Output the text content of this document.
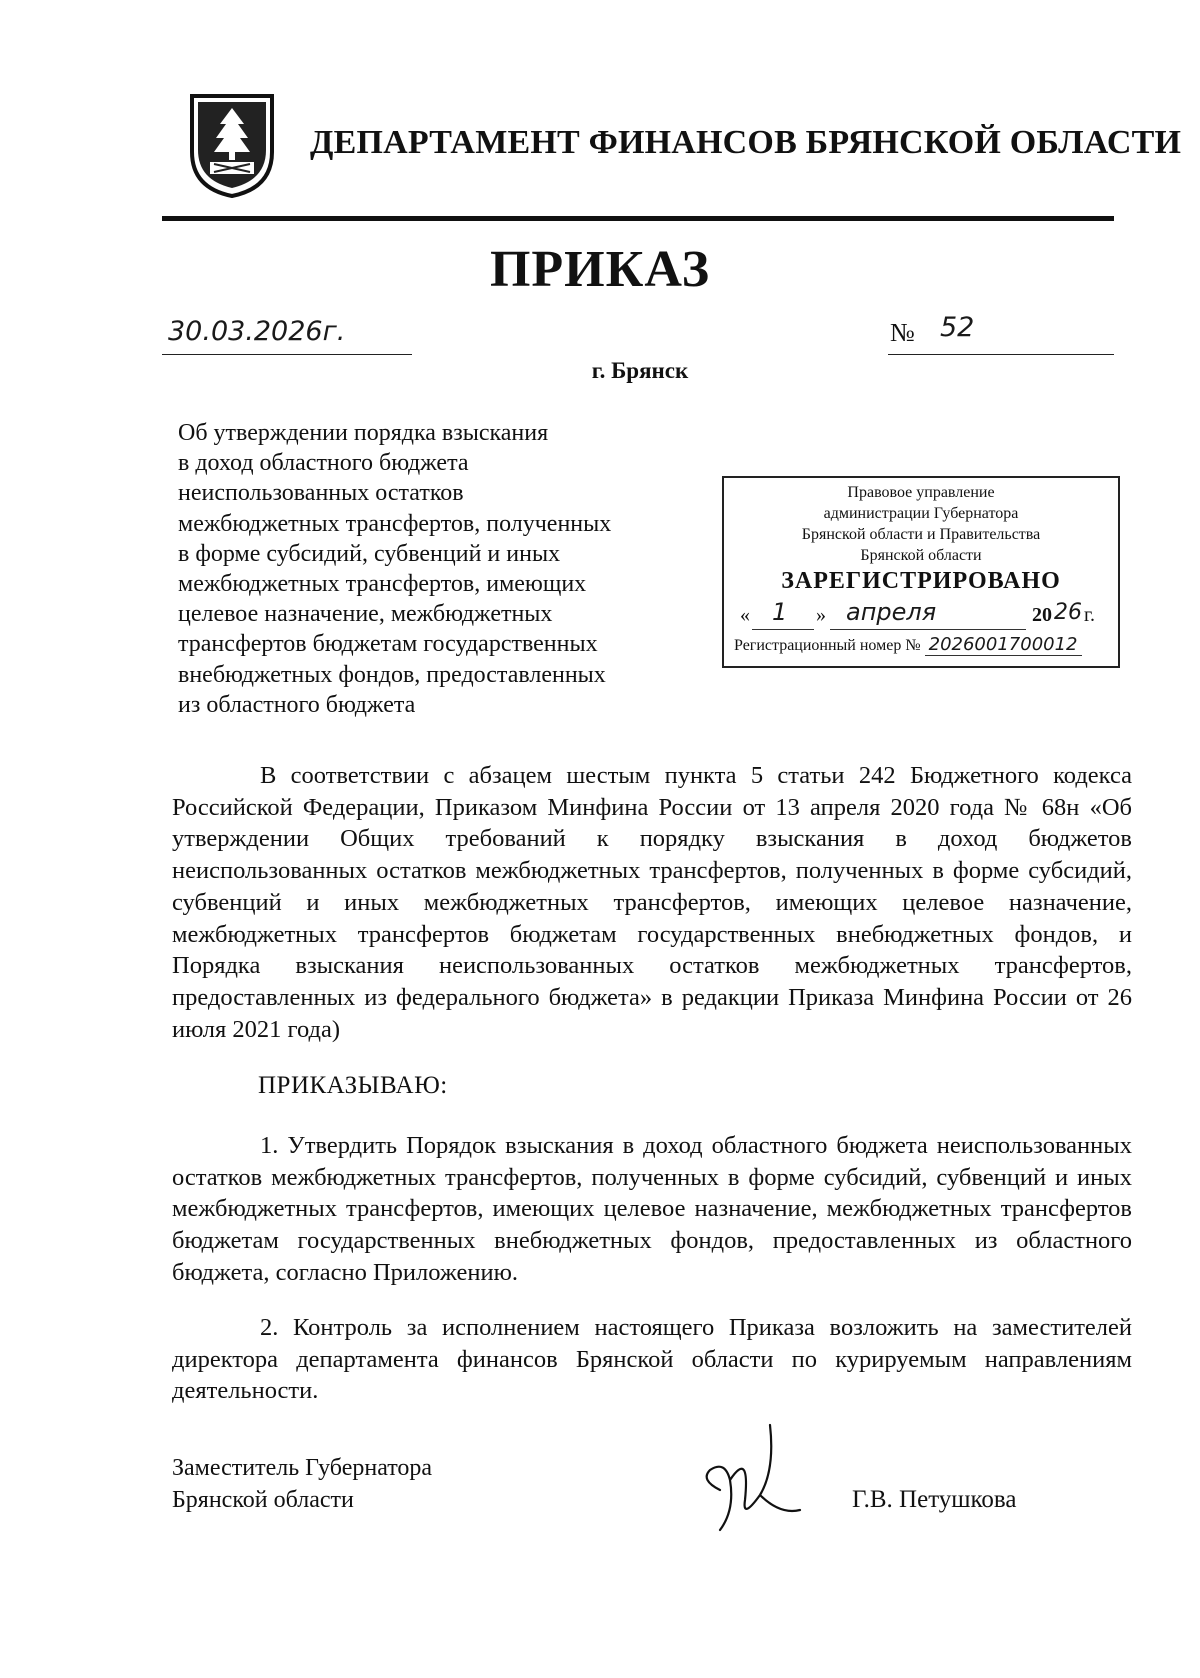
ДЕПАРТАМЕНТ ФИНАНСОВ БРЯНСКОЙ ОБЛАСТИ
ПРИКАЗ
30.03.2026г.	№ 52
г. Брянск
Об утверждении порядка взыскания
в доход областного бюджета
неиспользованных остатков
межбюджетных трансфертов, полученных
в форме субсидий, субвенций и иных
межбюджетных трансфертов, имеющих
целевое назначение, межбюджетных
трансфертов бюджетам государственных
внебюджетных фондов, предоставленных
из областного бюджета
Правовое управление
администрации Губернатора
Брянской области и Правительства
Брянской области
ЗАРЕГИСТРИРОВАНО
« 1 » апреля	20 26 г.
Регистрационный номер № 2026001700012

В соответствии с абзацем шестым пункта 5 статьи 242 Бюджетного кодекса Российской Федерации, Приказом Минфина России от 13 апреля 2020 года № 68н «Об утверждении Общих требований к порядку взыскания в доход бюджетов неиспользованных остатков межбюджетных трансфертов, полученных в форме субсидий, субвенций и иных межбюджетных трансфертов, имеющих целевое назначение, межбюджетных трансфертов бюджетам государственных внебюджетных фондов, и Порядка взыскания неиспользованных остатков межбюджетных трансфертов, предоставленных из федерального бюджета» в редакции Приказа Минфина России от 26 июля 2021 года)

ПРИКАЗЫВАЮ:

1. Утвердить Порядок взыскания в доход областного бюджета неиспользованных остатков межбюджетных трансфертов, полученных в форме субсидий, субвенций и иных межбюджетных трансфертов, имеющих целевое назначение, межбюджетных трансфертов бюджетам государственных внебюджетных фондов, предоставленных из областного бюджета, согласно Приложению.

2. Контроль за исполнением настоящего Приказа возложить на заместителей директора департамента финансов Брянской области по курируемым направлениям деятельности.

Заместитель Губернатора
Брянской области	Г.В. Петушкова
